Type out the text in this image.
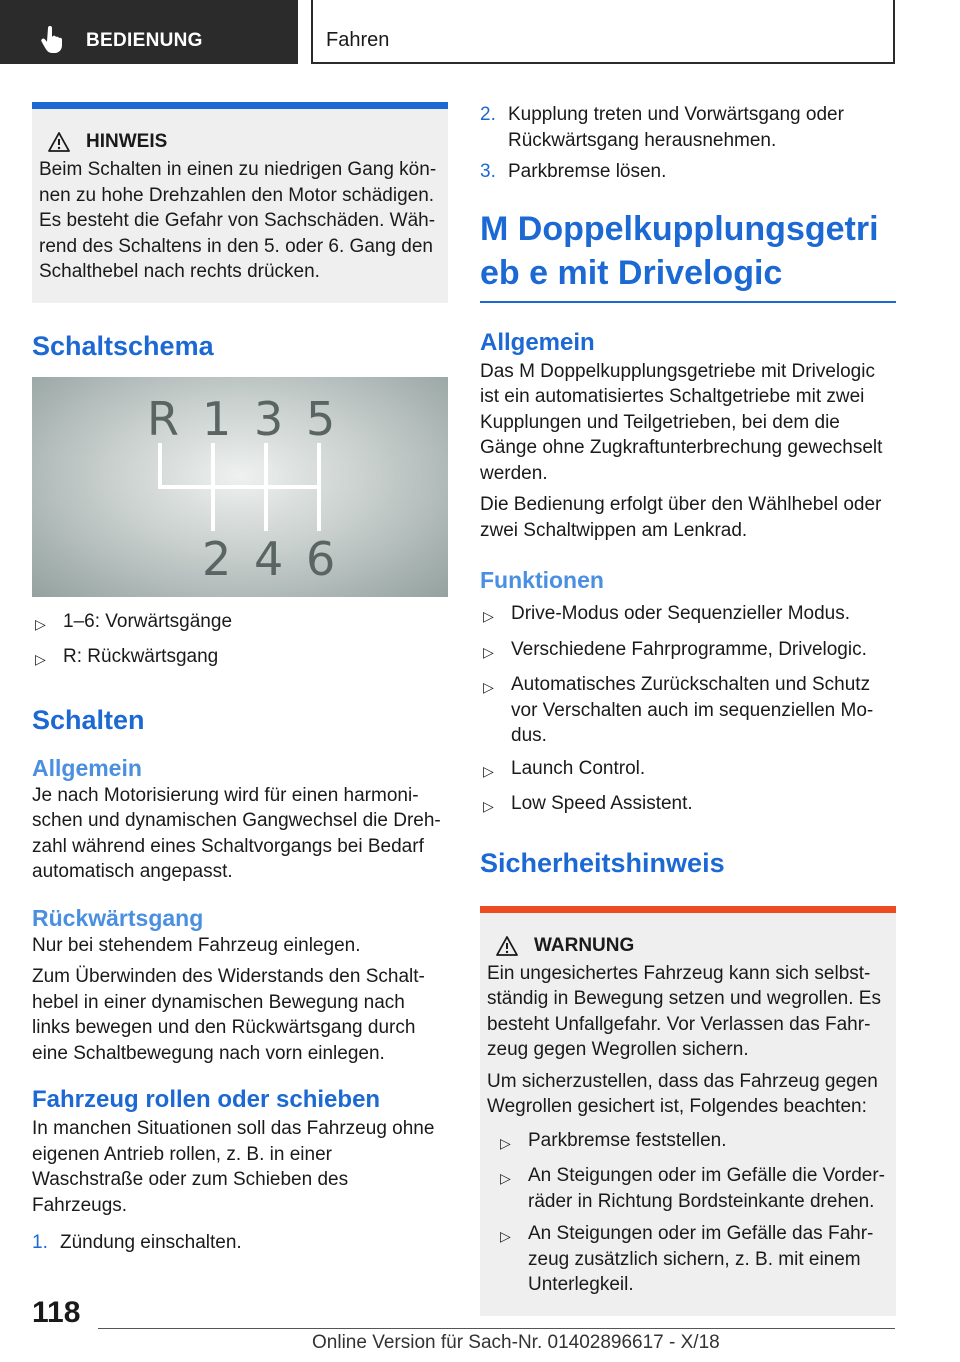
BEDIENUNG	Fahren
HINWEIS

Beim Schalten in einen zu niedrigen Gang können zu hohe Drehzahlen den Motor schädigen. Es besteht die Gefahr von Sachschäden. Während des Schaltens in den 5. oder 6. Gang den Schalthebel nach rechts drücken.

Schaltschema
R 1 3 5
2 4 6
▷ 1–6: Vorwärtsgänge
▷ R: Rückwärtsgang
Schalten
Allgemein

Je nach Motorisierung wird für einen harmonischen und dynamischen Gangwechsel die Drehzahl während eines Schaltvorgangs bei Bedarf automatisch angepasst.

Rückwärtsgang

Nur bei stehendem Fahrzeug einlegen.

Zum Überwinden des Widerstands den Schalthebel in einer dynamischen Bewegung nach links bewegen und den Rückwärtsgang durch eine Schaltbewegung nach vorn einlegen.

Fahrzeug rollen oder schieben

In manchen Situationen soll das Fahrzeug ohne eigenen Antrieb rollen, z. B. in einer Waschstraße oder zum Schieben des Fahrzeugs.

1. Zündung einschalten.
2. Kupplung treten und Vorwärtsgang oder Rückwärtsgang herausnehmen.
3. Parkbremse lösen.
M Doppelkupplungsgetrieb e mit Drivelogic
Allgemein

Das M Doppelkupplungsgetriebe mit Drivelogic ist ein automatisiertes Schaltgetriebe mit zwei Kupplungen und Teilgetrieben, bei dem die Gänge ohne Zugkraftunterbrechung gewechselt werden.

Die Bedienung erfolgt über den Wählhebel oder zwei Schaltwippen am Lenkrad.

Funktionen
▷ Drive-Modus oder Sequenzieller Modus.
▷ Verschiedene Fahrprogramme, Drivelogic.
▷ Automatisches Zurückschalten und Schutz vor Verschalten auch im sequenziellen Modus.
▷ Launch Control.
▷ Low Speed Assistent.
Sicherheitshinweis
WARNUNG

Ein ungesichertes Fahrzeug kann sich selbstständig in Bewegung setzen und wegrollen. Es besteht Unfallgefahr. Vor Verlassen das Fahrzeug gegen Wegrollen sichern.

Um sicherzustellen, dass das Fahrzeug gegen Wegrollen gesichert ist, Folgendes beachten:

▷ Parkbremse feststellen.
▷ An Steigungen oder im Gefälle die Vorderräder in Richtung Bordsteinkante drehen.
▷ An Steigungen oder im Gefälle das Fahrzeug zusätzlich sichern, z. B. mit einem Unterlegkeil.
118
Online Version für Sach-Nr. 01402896617 - X/18
